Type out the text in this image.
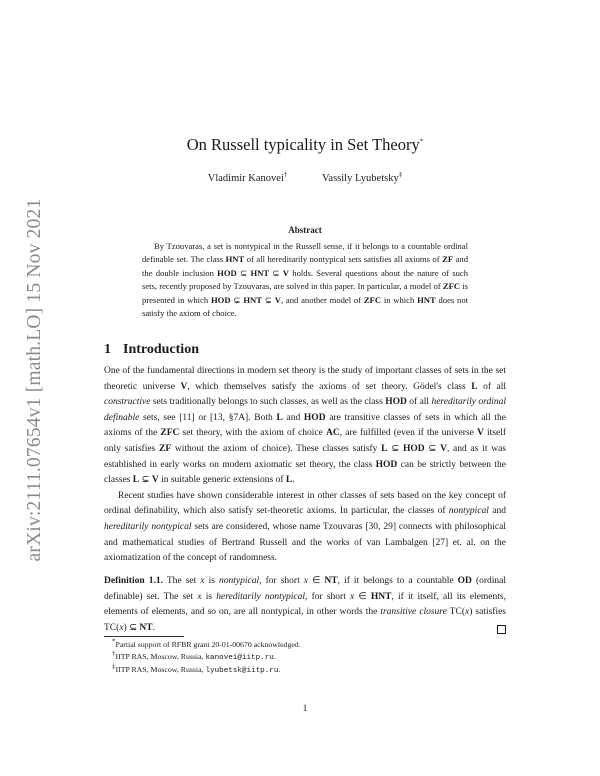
arXiv:2111.07654v1 [math.LO] 15 Nov 2021
On Russell typicality in Set Theory*
Vladimir Kanovei†	Vassily Lyubetsky‡
Abstract
By Tzouvaras, a set is nontypical in the Russell sense, if it belongs to a countable ordinal definable set. The class HNT of all hereditarily nontypical sets satisfies all axioms of ZF and the double inclusion HOD ⊆ HNT ⊆ V holds. Several questions about the nature of such sets, recently proposed by Tzouvaras, are solved in this paper. In particular, a model of ZFC is presented in which HOD ⊊ HNT ⊊ V, and another model of ZFC in which HNT does not satisfy the axiom of choice.
1 Introduction

One of the fundamental directions in modern set theory is the study of important classes of sets in the set theoretic universe V, which themselves satisfy the axioms of set theory. Gödel's class L of all constructive sets traditionally belongs to such classes, as well as the class HOD of all hereditarily ordinal definable sets, see [11] or [13, §7A]. Both L and HOD are transitive classes of sets in which all the axioms of the ZFC set theory, with the axiom of choice AC, are fulfilled (even if the universe V itself only satisfies ZF without the axiom of choice). These classes satisfy L ⊆ HOD ⊆ V, and as it was established in early works on modern axiomatic set theory, the class HOD can be strictly between the classes L ⊊ V in suitable generic extensions of L.

Recent studies have shown considerable interest in other classes of sets based on the key concept of ordinal definability, which also satisfy set-theoretic axioms. In particular, the classes of nontypical and hereditarily nontypical sets are considered, whose name Tzouvaras [30, 29] connects with philosophical and mathematical studies of Bertrand Russell and the works of van Lambalgen [27] et. al. on the axiomatization of the concept of randomness.

Definition 1.1. The set x is nontypical, for short x ∈ NT, if it belongs to a countable OD (ordinal definable) set. The set x is hereditarily nontypical, for short x ∈ HNT, if it itself, all its elements, elements of elements, and so on, are all nontypical, in other words the transitive closure TC(x) satisfies TC(x) ⊆ NT.
*Partial support of RFBR grant 20-01-00670 acknowledged.
†IITP RAS, Moscow, Russia, kanovei@iitp.ru.
‡IITP RAS, Moscow, Russia, lyubetsk@iitp.ru.
1
